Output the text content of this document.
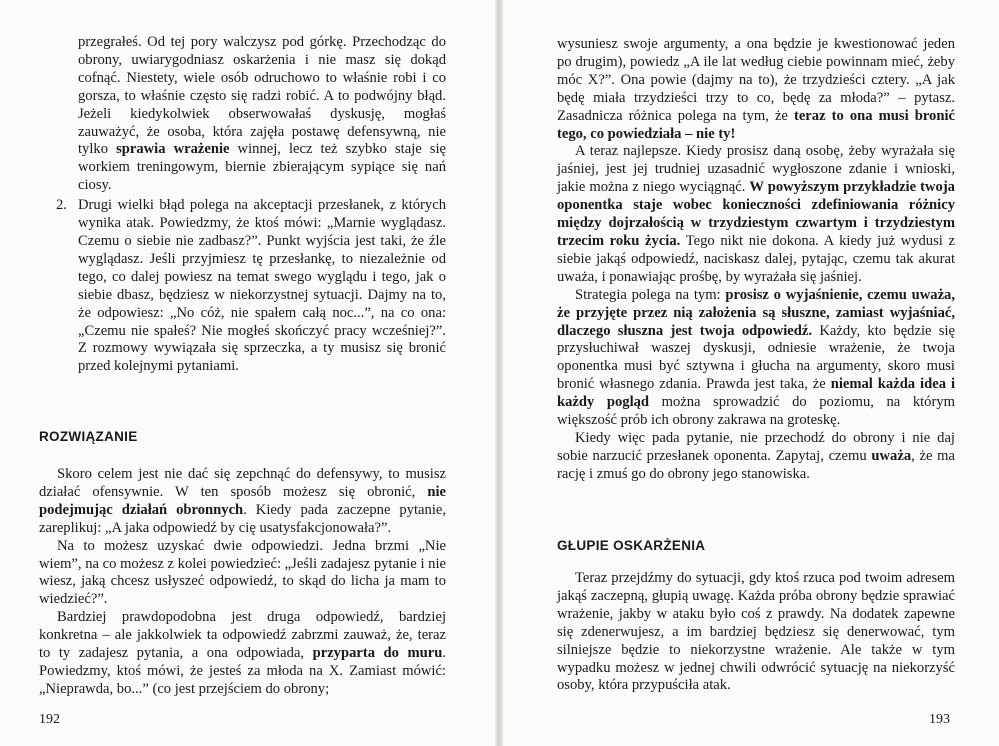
przegrałeś. Od tej pory walczysz pod górkę. Przechodząc do obrony, uwiarygodniasz oskarżenia i nie masz się dokąd cofnąć. Niestety, wiele osób odruchowo to właśnie robi i co gorsza, to właśnie często się radzi robić. A to podwójny błąd. Jeżeli kiedykolwiek obserwowałaś dyskusję, mogłaś zauważyć, że osoba, która zajęła postawę defensywną, nie tylko sprawia wrażenie winnej, lecz też szybko staje się workiem treningowym, biernie zbierającym sypiące się nań ciosy.

2. Drugi wielki błąd polega na akceptacji przesłanek, z których wynika atak. Powiedzmy, że ktoś mówi: „Marnie wyglądasz. Czemu o siebie nie zadbasz?”. Punkt wyjścia jest taki, że źle wyglądasz. Jeśli przyjmiesz tę przesłankę, to niezależnie od tego, co dalej powiesz na temat swego wyglądu i tego, jak o siebie dbasz, będziesz w niekorzystnej sytuacji. Dajmy na to, że odpowiesz: „No cóż, nie spałem całą noc...”, na co ona: „Czemu nie spałeś? Nie mogłeś skończyć pracy wcześniej?”. Z rozmowy wywiązała się sprzeczka, a ty musisz się bronić przed kolejnymi pytaniami.
ROZWIĄZANIE

Skoro celem jest nie dać się zepchnąć do defensywy, to musisz działać ofensywnie. W ten sposób możesz się obronić, nie podejmując działań obronnych. Kiedy pada zaczepne pytanie, zareplikuj: „A jaka odpowiedź by cię usatysfakcjonowała?”.

Na to możesz uzyskać dwie odpowiedzi. Jedna brzmi „Nie wiem”, na co możesz z kolei powiedzieć: „Jeśli zadajesz pytanie i nie wiesz, jaką chcesz usłyszeć odpowiedź, to skąd do licha ja mam to wiedzieć?”.

Bardziej prawdopodobna jest druga odpowiedź, bardziej konkretna – ale jakkolwiek ta odpowiedź zabrzmi zauważ, że, teraz to ty zadajesz pytania, a ona odpowiada, przyparta do muru. Powiedzmy, ktoś mówi, że jesteś za młoda na X. Zamiast mówić: „Nieprawda, bo...” (co jest przejściem do obrony;

192

wysuniesz swoje argumenty, a ona będzie je kwestionować jeden po drugim), powiedz „A ile lat według ciebie powinnam mieć, żeby móc X?”. Ona powie (dajmy na to), że trzydzieści cztery. „A jak będę miała trzydzieści trzy to co, będę za młoda?” – pytasz. Zasadnicza różnica polega na tym, że teraz to ona musi bronić tego, co powiedziała – nie ty!

A teraz najlepsze. Kiedy prosisz daną osobę, żeby wyrażała się jaśniej, jest jej trudniej uzasadnić wygłoszone zdanie i wnioski, jakie można z niego wyciągnąć. W powyższym przykładzie twoja oponentka staje wobec konieczności zdefiniowania różnicy między dojrzałością w trzydziestym czwartym i trzydziestym trzecim roku życia. Tego nikt nie dokona. A kiedy już wydusi z siebie jakąś odpowiedź, naciskasz dalej, pytając, czemu tak akurat uważa, i ponawiając prośbę, by wyrażała się jaśniej.

Strategia polega na tym: prosisz o wyjaśnienie, czemu uważa, że przyjęte przez nią założenia są słuszne, zamiast wyjaśniać, dlaczego słuszna jest twoja odpowiedź. Każdy, kto będzie się przysłuchiwał waszej dyskusji, odniesie wrażenie, że twoja oponentka musi być sztywna i głucha na argumenty, skoro musi bronić własnego zdania. Prawda jest taka, że niemal każda idea i każdy pogląd można sprowadzić do poziomu, na którym większość prób ich obrony zakrawa na groteskę.

Kiedy więc pada pytanie, nie przechodź do obrony i nie daj sobie narzucić przesłanek oponenta. Zapytaj, czemu uważa, że ma rację i zmuś go do obrony jego stanowiska.

GŁUPIE OSKARŻENIA

Teraz przejdźmy do sytuacji, gdy ktoś rzuca pod twoim adresem jakąś zaczepną, głupią uwagę. Każda próba obrony będzie sprawiać wrażenie, jakby w ataku było coś z prawdy. Na dodatek zapewne się zdenerwujesz, a im bardziej będziesz się denerwować, tym silniejsze będzie to niekorzystne wrażenie. Ale także w tym wypadku możesz w jednej chwili odwrócić sytuację na niekorzyść osoby, która przypuściła atak.

193
